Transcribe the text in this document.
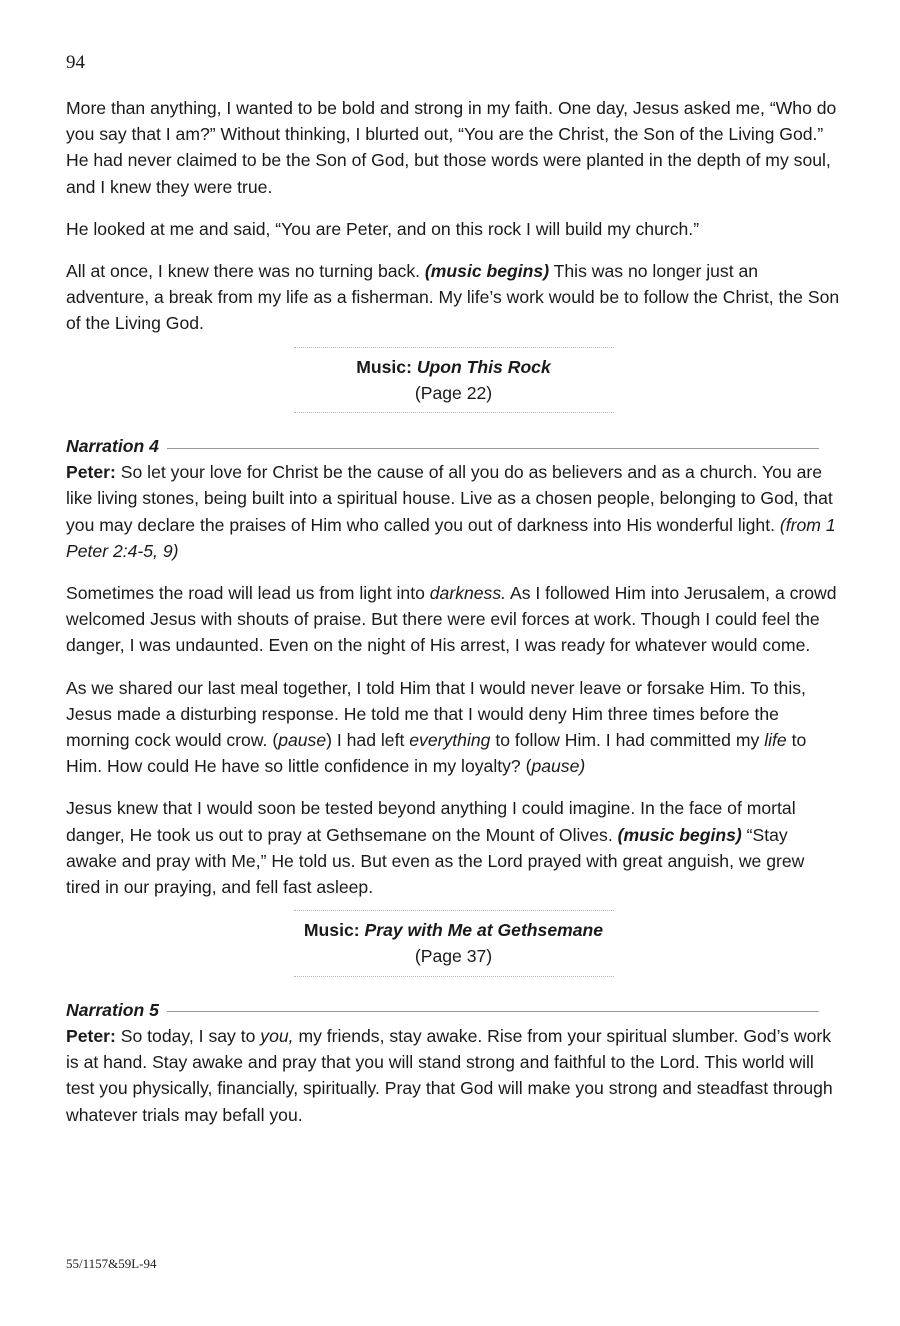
94

More than anything, I wanted to be bold and strong in my faith. One day, Jesus asked me, “Who do you say that I am?” Without thinking, I blurted out, “You are the Christ, the Son of the Living God.” He had never claimed to be the Son of God, but those words were planted in the depth of my soul, and I knew they were true.

He looked at me and said, “You are Peter, and on this rock I will build my church.”

All at once, I knew there was no turning back. (music begins) This was no longer just an adventure, a break from my life as a fisherman. My life’s work would be to follow the Christ, the Son of the Living God.

Music: Upon This Rock
(Page 22)
Narration 4

Peter: So let your love for Christ be the cause of all you do as believers and as a church. You are like living stones, being built into a spiritual house. Live as a chosen people, belonging to God, that you may declare the praises of Him who called you out of darkness into His wonderful light. (from 1 Peter 2:4-5, 9)

Sometimes the road will lead us from light into darkness. As I followed Him into Jerusalem, a crowd welcomed Jesus with shouts of praise. But there were evil forces at work. Though I could feel the danger, I was undaunted. Even on the night of His arrest, I was ready for whatever would come.

As we shared our last meal together, I told Him that I would never leave or forsake Him. To this, Jesus made a disturbing response. He told me that I would deny Him three times before the morning cock would crow. (pause) I had left everything to follow Him. I had committed my life to Him. How could He have so little confidence in my loyalty? (pause)

Jesus knew that I would soon be tested beyond anything I could imagine. In the face of mortal danger, He took us out to pray at Gethsemane on the Mount of Olives. (music begins) “Stay awake and pray with Me,” He told us. But even as the Lord prayed with great anguish, we grew tired in our praying, and fell fast asleep.

Music: Pray with Me at Gethsemane
(Page 37)
Narration 5

Peter: So today, I say to you, my friends, stay awake. Rise from your spiritual slumber. God’s work is at hand. Stay awake and pray that you will stand strong and faithful to the Lord. This world will test you physically, financially, spiritually. Pray that God will make you strong and steadfast through whatever trials may befall you.

55/1157&59L-94
